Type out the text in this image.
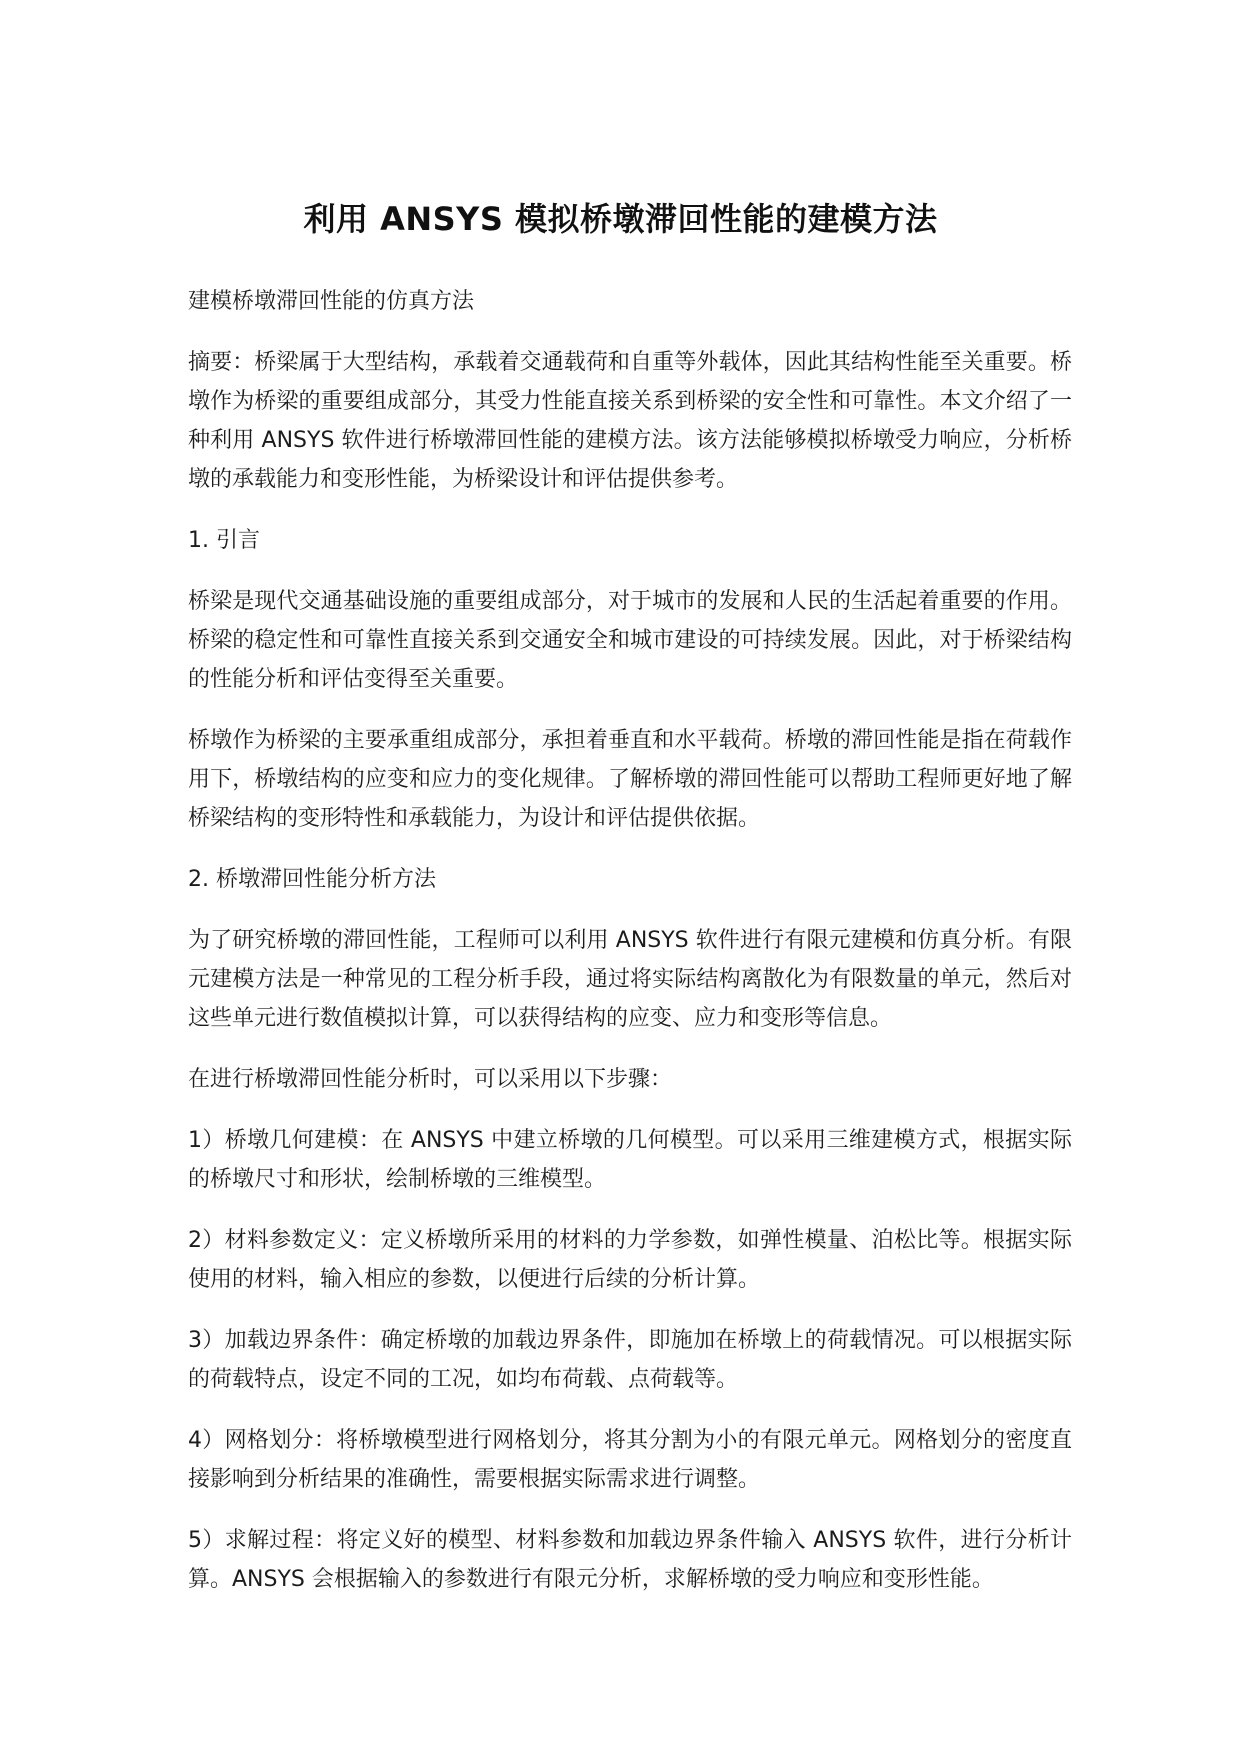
利用 ANSYS 模拟桥墩滞回性能的建模方法

建模桥墩滞回性能的仿真方法

摘要：桥梁属于大型结构，承载着交通载荷和自重等外载体，因此其结构性能至关重要。桥墩作为桥梁的重要组成部分，其受力性能直接关系到桥梁的安全性和可靠性。本文介绍了一种利用 ANSYS 软件进行桥墩滞回性能的建模方法。该方法能够模拟桥墩受力响应，分析桥墩的承载能力和变形性能，为桥梁设计和评估提供参考。

1. 引言

桥梁是现代交通基础设施的重要组成部分，对于城市的发展和人民的生活起着重要的作用。桥梁的稳定性和可靠性直接关系到交通安全和城市建设的可持续发展。因此，对于桥梁结构的性能分析和评估变得至关重要。

桥墩作为桥梁的主要承重组成部分，承担着垂直和水平载荷。桥墩的滞回性能是指在荷载作用下，桥墩结构的应变和应力的变化规律。了解桥墩的滞回性能可以帮助工程师更好地了解桥梁结构的变形特性和承载能力，为设计和评估提供依据。

2. 桥墩滞回性能分析方法

为了研究桥墩的滞回性能，工程师可以利用 ANSYS 软件进行有限元建模和仿真分析。有限元建模方法是一种常见的工程分析手段，通过将实际结构离散化为有限数量的单元，然后对这些单元进行数值模拟计算，可以获得结构的应变、应力和变形等信息。

在进行桥墩滞回性能分析时，可以采用以下步骤：

1）桥墩几何建模：在 ANSYS 中建立桥墩的几何模型。可以采用三维建模方式，根据实际的桥墩尺寸和形状，绘制桥墩的三维模型。

2）材料参数定义：定义桥墩所采用的材料的力学参数，如弹性模量、泊松比等。根据实际使用的材料，输入相应的参数，以便进行后续的分析计算。

3）加载边界条件：确定桥墩的加载边界条件，即施加在桥墩上的荷载情况。可以根据实际的荷载特点，设定不同的工况，如均布荷载、点荷载等。

4）网格划分：将桥墩模型进行网格划分，将其分割为小的有限元单元。网格划分的密度直接影响到分析结果的准确性，需要根据实际需求进行调整。

5）求解过程：将定义好的模型、材料参数和加载边界条件输入 ANSYS 软件，进行分析计算。ANSYS 会根据输入的参数进行有限元分析，求解桥墩的受力响应和变形性能。
